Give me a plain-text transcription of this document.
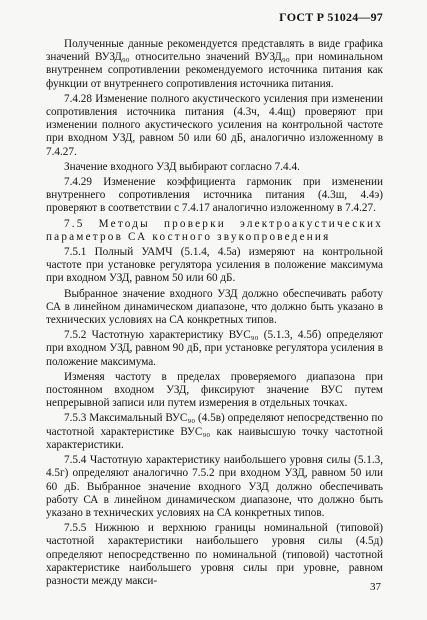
ГОСТ Р 51024—97

Полученные данные рекомендуется представлять в виде графика значений ВУЗД₉₀ относительно значений ВУЗД₉₀ при номинальном внутреннем сопротивлении рекомендуемого источника питания как функции от внутреннего сопротивления источника питания.

7.4.28 Изменение полного акустического усиления при изменении сопротивления источника питания (4.3ч, 4.4щ) проверяют при изменении полного акустического усиления на контрольной частоте при входном УЗД, равном 50 или 60 дБ, аналогично изложенному в 7.4.27.

Значение входного УЗД выбирают согласно 7.4.4.

7.4.29 Изменение коэффициента гармоник при изменении внутреннего сопротивления источника питания (4.3ш, 4.4э) проверяют в соответствии с 7.4.17 аналогично изложенному в 7.4.27.

7.5 Методы проверки электроакустических параметров СА костного звукопроведения

7.5.1 Полный УАМЧ (5.1.4, 4.5а) измеряют на контрольной частоте при установке регулятора усиления в положение максимума при входном УЗД, равном 50 или 60 дБ.

Выбранное значение входного УЗД должно обеспечивать работу СА в линейном динамическом диапазоне, что должно быть указано в технических условиях на СА конкретных типов.

7.5.2 Частотную характеристику ВУС₉₀ (5.1.3, 4.5б) определяют при входном УЗД, равном 90 дБ, при установке регулятора усиления в положение максимума.

Изменяя частоту в пределах проверяемого диапазона при постоянном входном УЗД, фиксируют значение ВУС путем непрерывной записи или путем измерения в отдельных точках.

7.5.3 Максимальный ВУС₉₀ (4.5в) определяют непосредственно по частотной характеристике ВУС₉₀ как наивысшую точку частотной характеристики.

7.5.4 Частотную характеристику наибольшего уровня силы (5.1.3, 4.5г) определяют аналогично 7.5.2 при входном УЗД, равном 50 или 60 дБ. Выбранное значение входного УЗД должно обеспечивать работу СА в линейном динамическом диапазоне, что должно быть указано в технических условиях на СА конкретных типов.

7.5.5 Нижнюю и верхнюю границы номинальной (типовой) частотной характеристики наибольшего уровня силы (4.5д) определяют непосредственно по номинальной (типовой) частотной характеристике наибольшего уровня силы при уровне, равном разности между макси-

37
